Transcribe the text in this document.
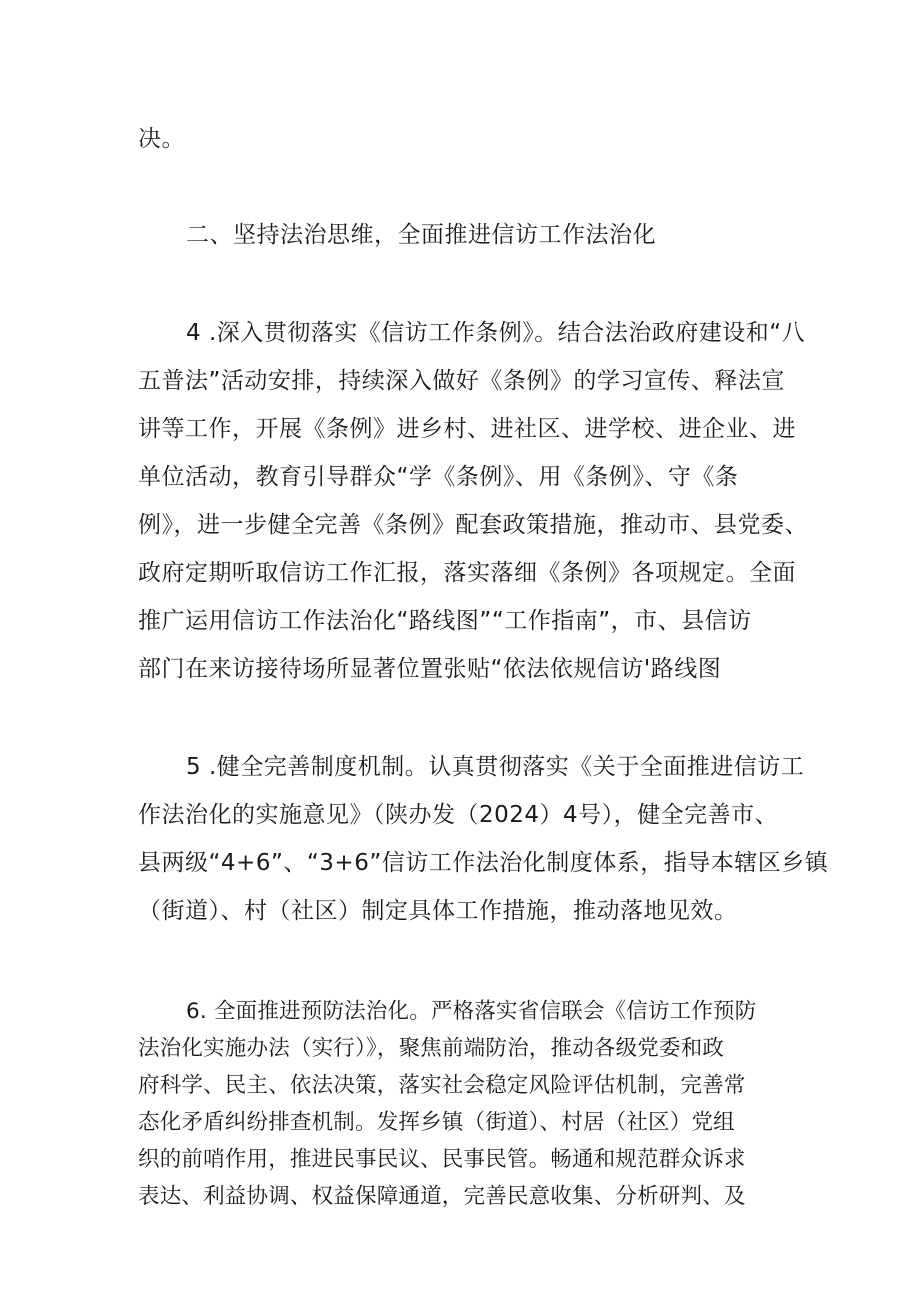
决。
二、坚持法治思维，全面推进信访工作法治化
4 .深入贯彻落实《信访工作条例》。结合法治政府建设和“八
五普法”活动安排，持续深入做好《条例》的学习宣传、释法宣
讲等工作，开展《条例》进乡村、进社区、进学校、进企业、进
单位活动，教育引导群众“学《条例》、用《条例》、守《条
例》，进一步健全完善《条例》配套政策措施，推动市、县党委、
政府定期听取信访工作汇报，落实落细《条例》各项规定。全面
推广运用信访工作法治化“路线图”“工作指南”，市、县信访
部门在来访接待场所显著位置张贴“依法依规信访'路线图
5 .健全完善制度机制。认真贯彻落实《关于全面推进信访工
作法治化的实施意见》（陕办发（2024）4号），健全完善市、
县两级“4+6”、“3+6”信访工作法治化制度体系，指导本辖区乡镇
（街道）、村（社区）制定具体工作措施，推动落地见效。
6. 全面推进预防法治化。严格落实省信联会《信访工作预防
法治化实施办法（实行）》，聚焦前端防治，推动各级党委和政
府科学、民主、依法决策，落实社会稳定风险评估机制，完善常
态化矛盾纠纷排查机制。发挥乡镇（街道）、村居（社区）党组
织的前哨作用，推进民事民议、民事民管。畅通和规范群众诉求
表达、利益协调、权益保障通道，完善民意收集、分析研判、及
